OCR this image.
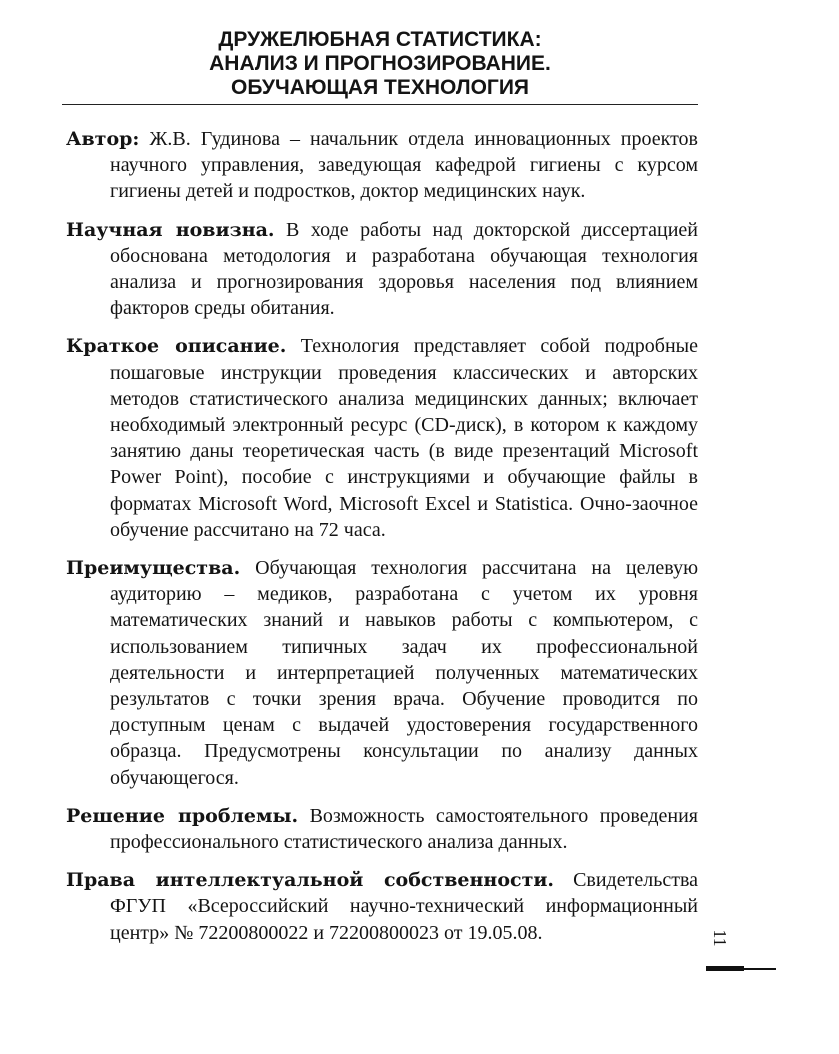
ДРУЖЕЛЮБНАЯ СТАТИСТИКА:
АНАЛИЗ И ПРОГНОЗИРОВАНИЕ.
ОБУЧАЮЩАЯ ТЕХНОЛОГИЯ

Автор: Ж.В. Гудинова – начальник отдела инновационных проектов научного управления, заведующая кафедрой гигиены с курсом гигиены детей и подростков, доктор медицинских наук.

Научная новизна. В ходе работы над докторской диссертацией обоснована методология и разработана обучающая технология анализа и прогнозирования здоровья населения под влиянием факторов среды обитания.

Краткое описание. Технология представляет собой подробные пошаговые инструкции проведения классических и авторских методов статистического анализа медицинских данных; включает необходимый электронный ресурс (CD-диск), в котором к каждому занятию даны теоретическая часть (в виде презентаций Microsoft Power Point), пособие с инструкциями и обучающие файлы в форматах Microsoft Word, Microsoft Excel и Statistica. Очно-заочное обучение рассчитано на 72 часа.

Преимущества. Обучающая технология рассчитана на целевую аудиторию – медиков, разработана с учетом их уровня математических знаний и навыков работы с компьютером, с использованием типичных задач их профессиональной деятельности и интерпретацией полученных математических результатов с точки зрения врача. Обучение проводится по доступным ценам с выдачей удостоверения государственного образца. Предусмотрены консультации по анализу данных обучающегося.

Решение проблемы. Возможность самостоятельного проведения профессионального статистического анализа данных.

Права интеллектуальной собственности. Свидетельства ФГУП «Всероссийский научно-технический информационный центр» № 72200800022 и 72200800023 от 19.05.08.	11
